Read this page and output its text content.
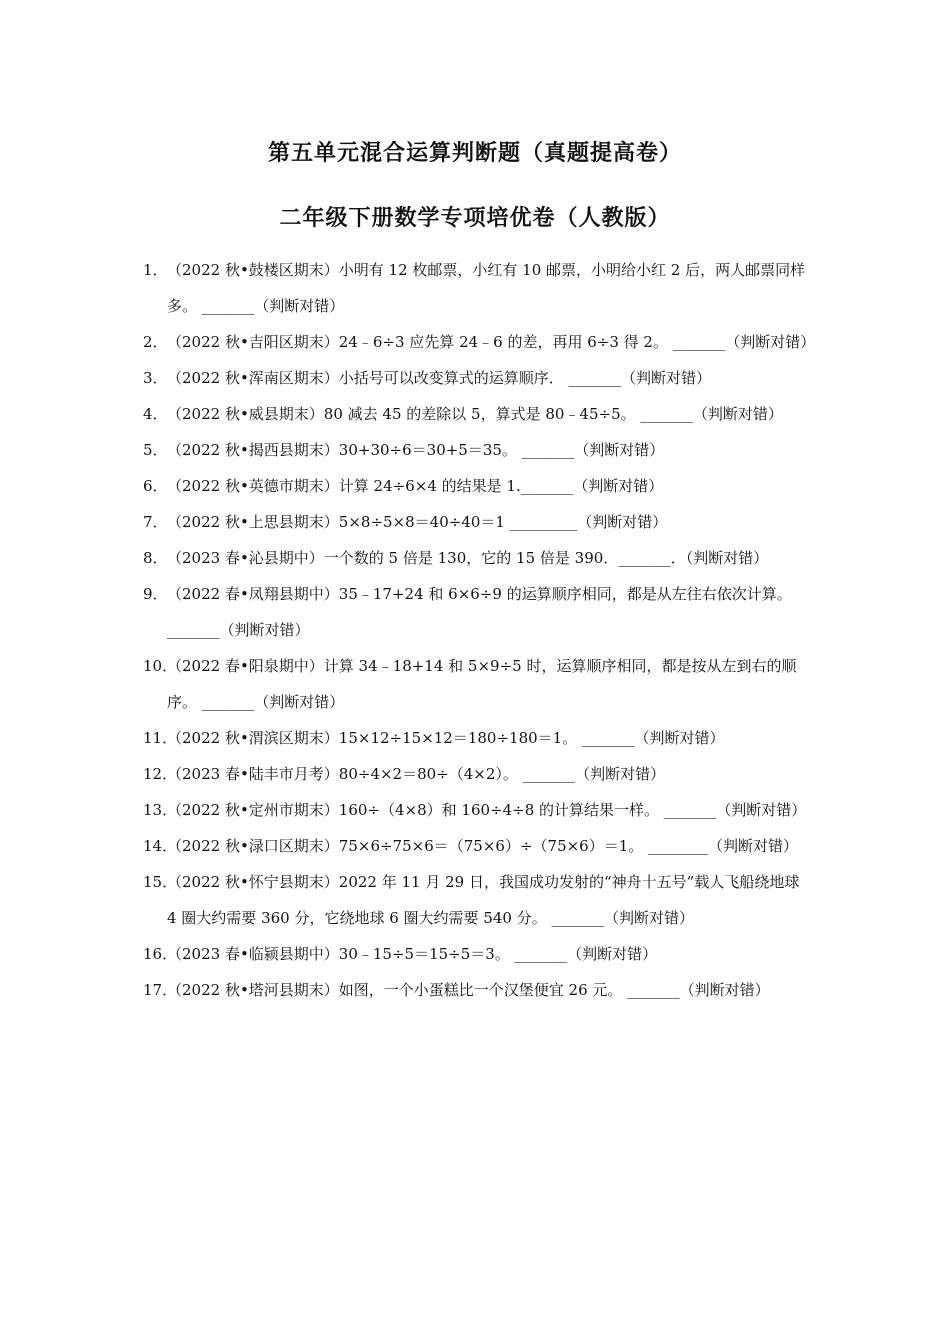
第五单元混合运算判断题（真题提高卷）
二年级下册数学专项培优卷（人教版）
1． （2022 秋•鼓楼区期末）小明有 12 枚邮票，小红有 10 邮票，小明给小红 2 后，两人邮票同样多。 _______（判断对错）
2． （2022 秋•吉阳区期末）24﹣6÷3 应先算 24﹣6 的差，再用 6÷3 得 2。 _______（判断对错）
3． （2022 秋•浑南区期末）小括号可以改变算式的运算顺序． _______（判断对错）
4． （2022 秋•威县期末）80 减去 45 的差除以 5，算式是 80﹣45÷5。 _______（判断对错）
5． （2022 秋•揭西县期末）30+30÷6＝30+5＝35。 _______（判断对错）
6． （2022 秋•英德市期末）计算 24÷6×4 的结果是 1._______（判断对错）
7． （2022 秋•上思县期末）5×8÷5×8＝40÷40＝1 _________（判断对错）
8． （2023 春•沁县期中）一个数的 5 倍是 130，它的 15 倍是 390．_______．（判断对错）
9． （2022 春•凤翔县期中）35﹣17+24 和 6×6÷9 的运算顺序相同，都是从左往右依次计算。 _______（判断对错）
10．
（2022 春•阳泉期中）计算 34﹣18+14 和 5×9÷5 时，运算顺序相同，都是按从左到右的顺序。 _______（判断对错）
11．
（2022 秋•渭滨区期末）15×12÷15×12＝180÷180＝1。 _______（判断对错）
12．
（2023 春•陆丰市月考）80÷4×2＝80÷（4×2）。 _______（判断对错）
13．
（2022 秋•定州市期末）160÷（4×8）和 160÷4÷8 的计算结果一样。 _______（判断对错）
14．
（2022 秋•渌口区期末）75×6÷75×6＝（75×6）÷（75×6）＝1。 ________（判断对错）
15．
（2022 秋•怀宁县期末）2022 年 11 月 29 日，我国成功发射的“神舟十五号”载人飞船绕地球 4 圈大约需要 360 分，它绕地球 6 圈大约需要 540 分。 _______（判断对错）
16．
（2023 春•临颍县期中）30﹣15÷5＝15÷5＝3。 _______（判断对错）
17．
（2022 秋•塔河县期末）如图，一个小蛋糕比一个汉堡便宜 26 元。 _______（判断对错）
